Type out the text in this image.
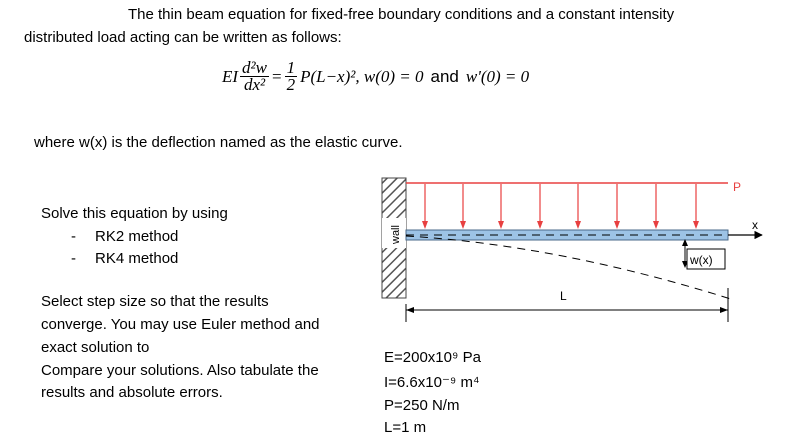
The thin beam equation for fixed-free boundary conditions and a constant intensity
distributed load acting can be written as follows:
EI $\frac{\text{d²w}}{\text{dx²}} = \frac{1}{2} P(L-x)^2$, w(0) = 0 and w'(0) = 0
where w(x) is the deflection named as the elastic curve.
Solve this equation by using
- RK2 method
- RK4 method
Select step size so that the results
converge. You may use Euler method and
exact solution to
Compare your solutions. Also tabulate the
results and absolute errors.
E=200x10⁹ Pa
I=6.6x10⁻⁹ m⁴
P=250 N/m
L=1 m
wall
P
x
w(x)
L
